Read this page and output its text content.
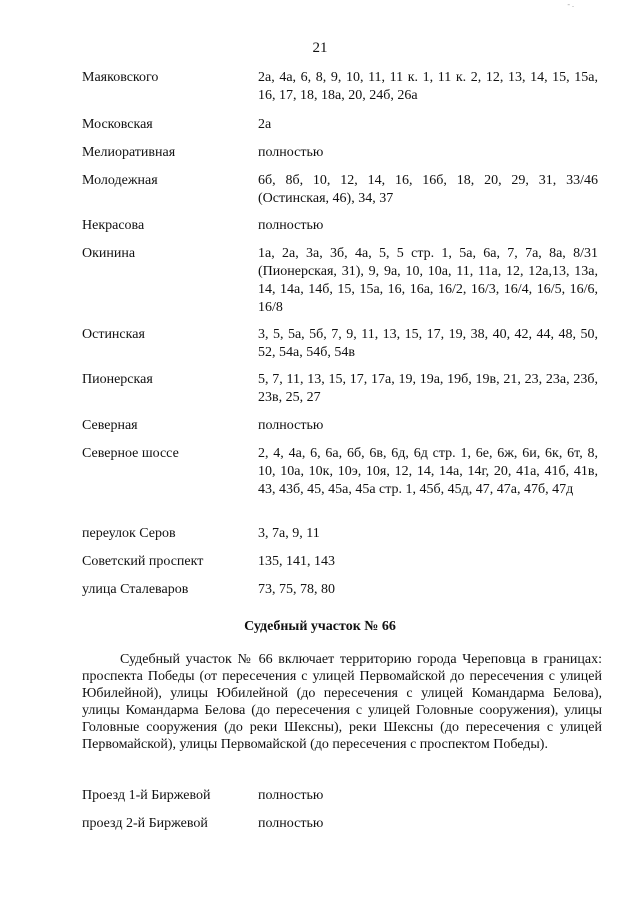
- .
21
Маяковского	2а, 4а, 6, 8, 9, 10, 11, 11 к. 1, 11 к. 2, 12, 13, 14, 15, 15а, 16, 17, 18, 18а, 20, 24б, 26а
Московская	2а
Мелиоративная	полностью
Молодежная	6б, 8б, 10, 12, 14, 16, 16б, 18, 20, 29, 31, 33/46 (Остинская, 46), 34, 37
Некрасова	полностью
Окинина	1а, 2а, 3а, 3б, 4а, 5, 5 стр. 1, 5а, 6а, 7, 7а, 8а, 8/31 (Пионерская, 31), 9, 9а, 10, 10а, 11, 11а, 12, 12а,13, 13а, 14, 14а, 14б, 15, 15а, 16, 16а, 16/2, 16/3, 16/4, 16/5, 16/6, 16/8
Остинская	3, 5, 5а, 5б, 7, 9, 11, 13, 15, 17, 19, 38, 40, 42, 44, 48, 50, 52, 54а, 54б, 54в
Пионерская	5, 7, 11, 13, 15, 17, 17а, 19, 19а, 19б, 19в, 21, 23, 23а, 23б, 23в, 25, 27
Северная	полностью
Северное шоссе	2, 4, 4а, 6, 6а, 6б, 6в, 6д, 6д стр. 1, 6е, 6ж, 6и, 6к, 6т, 8, 10, 10а, 10к, 10э, 10я, 12, 14, 14а, 14г, 20, 41а, 41б, 41в, 43, 43б, 45, 45а, 45а стр. 1, 45б, 45д, 47, 47а, 47б, 47д
переулок Серов	3, 7а, 9, 11
Советский проспект	135, 141, 143
улица Сталеваров	73, 75, 78, 80
Судебный участок № 66
Судебный участок № 66 включает территорию города Череповца в границах: проспекта Победы (от пересечения с улицей Первомайской до пересечения с улицей Юбилейной), улицы Юбилейной (до пересечения с улицей Командарма Белова), улицы Командарма Белова (до пересечения с улицей Головные сооружения), улицы Головные сооружения (до реки Шексны), реки Шексны (до пересечения с улицей Первомайской), улицы Первомайской (до пересечения с проспектом Победы).
Проезд 1-й Биржевой	полностью
проезд 2-й Биржевой	полностью
